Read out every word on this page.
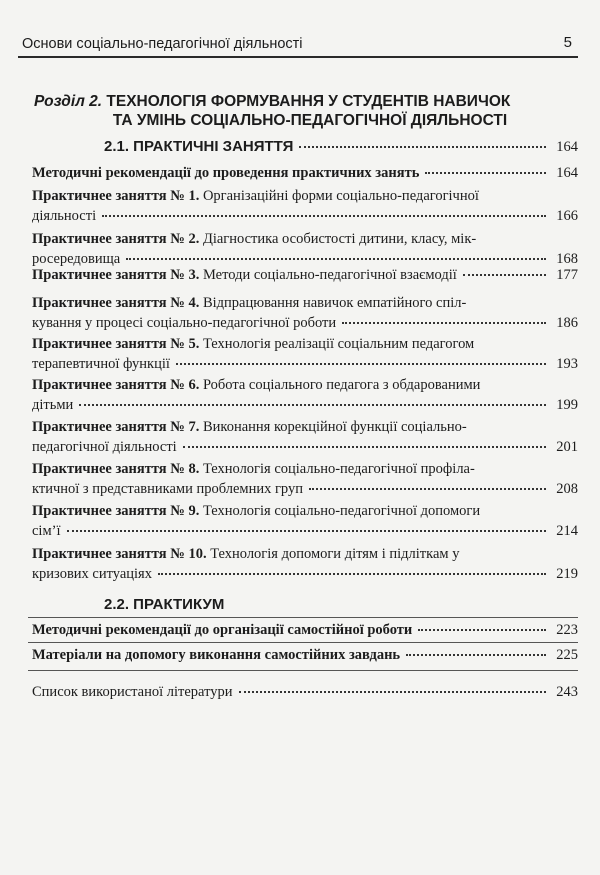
Основи соціально-педагогічної діяльності	5
Розділ 2. ТЕХНОЛОГІЯ ФОРМУВАННЯ У СТУДЕНТІВ НАВИЧОК
ТА УМІНЬ СОЦІАЛЬНО-ПЕДАГОГІЧНОЇ ДІЯЛЬНОСТІ
2.1. ПРАКТИЧНІ ЗАНЯТТЯ	164
Методичні рекомендації до проведення практичних занять	164
Практичнее заняття № 1. Організаційні форми соціально-педагогічної
діяльності	166
Практичнее заняття № 2. Діагностика особистості дитини, класу, мік-
росередовища	168
Практичнее заняття № 3. Методи соціально-педагогічної взаємодії	177
Практичнее заняття № 4. Відпрацювання навичок емпатійного спіл-
кування у процесі соціально-педагогічної роботи	186
Практичнее заняття № 5. Технологія реалізації соціальним педагогом
терапевтичної функції	193
Практичнее заняття № 6. Робота соціального педагога з обдарованими
дітьми	199
Практичнее заняття № 7. Виконання корекційної функції соціально-
педагогічної діяльності	201
Практичнее заняття № 8. Технологія соціально-педагогічної профіла-
ктичної з представниками проблемних груп	208
Практичнее заняття № 9. Технологія соціально-педагогічної допомоги
сім’ї	214
Практичнее заняття № 10. Технологія допомоги дітям і підліткам у
кризових ситуаціях	219
2.2. ПРАКТИКУМ
Методичні рекомендації до організації самостійної роботи	223
Матеріали на допомогу виконання самостійних завдань	225
Список використаної літератури	243
